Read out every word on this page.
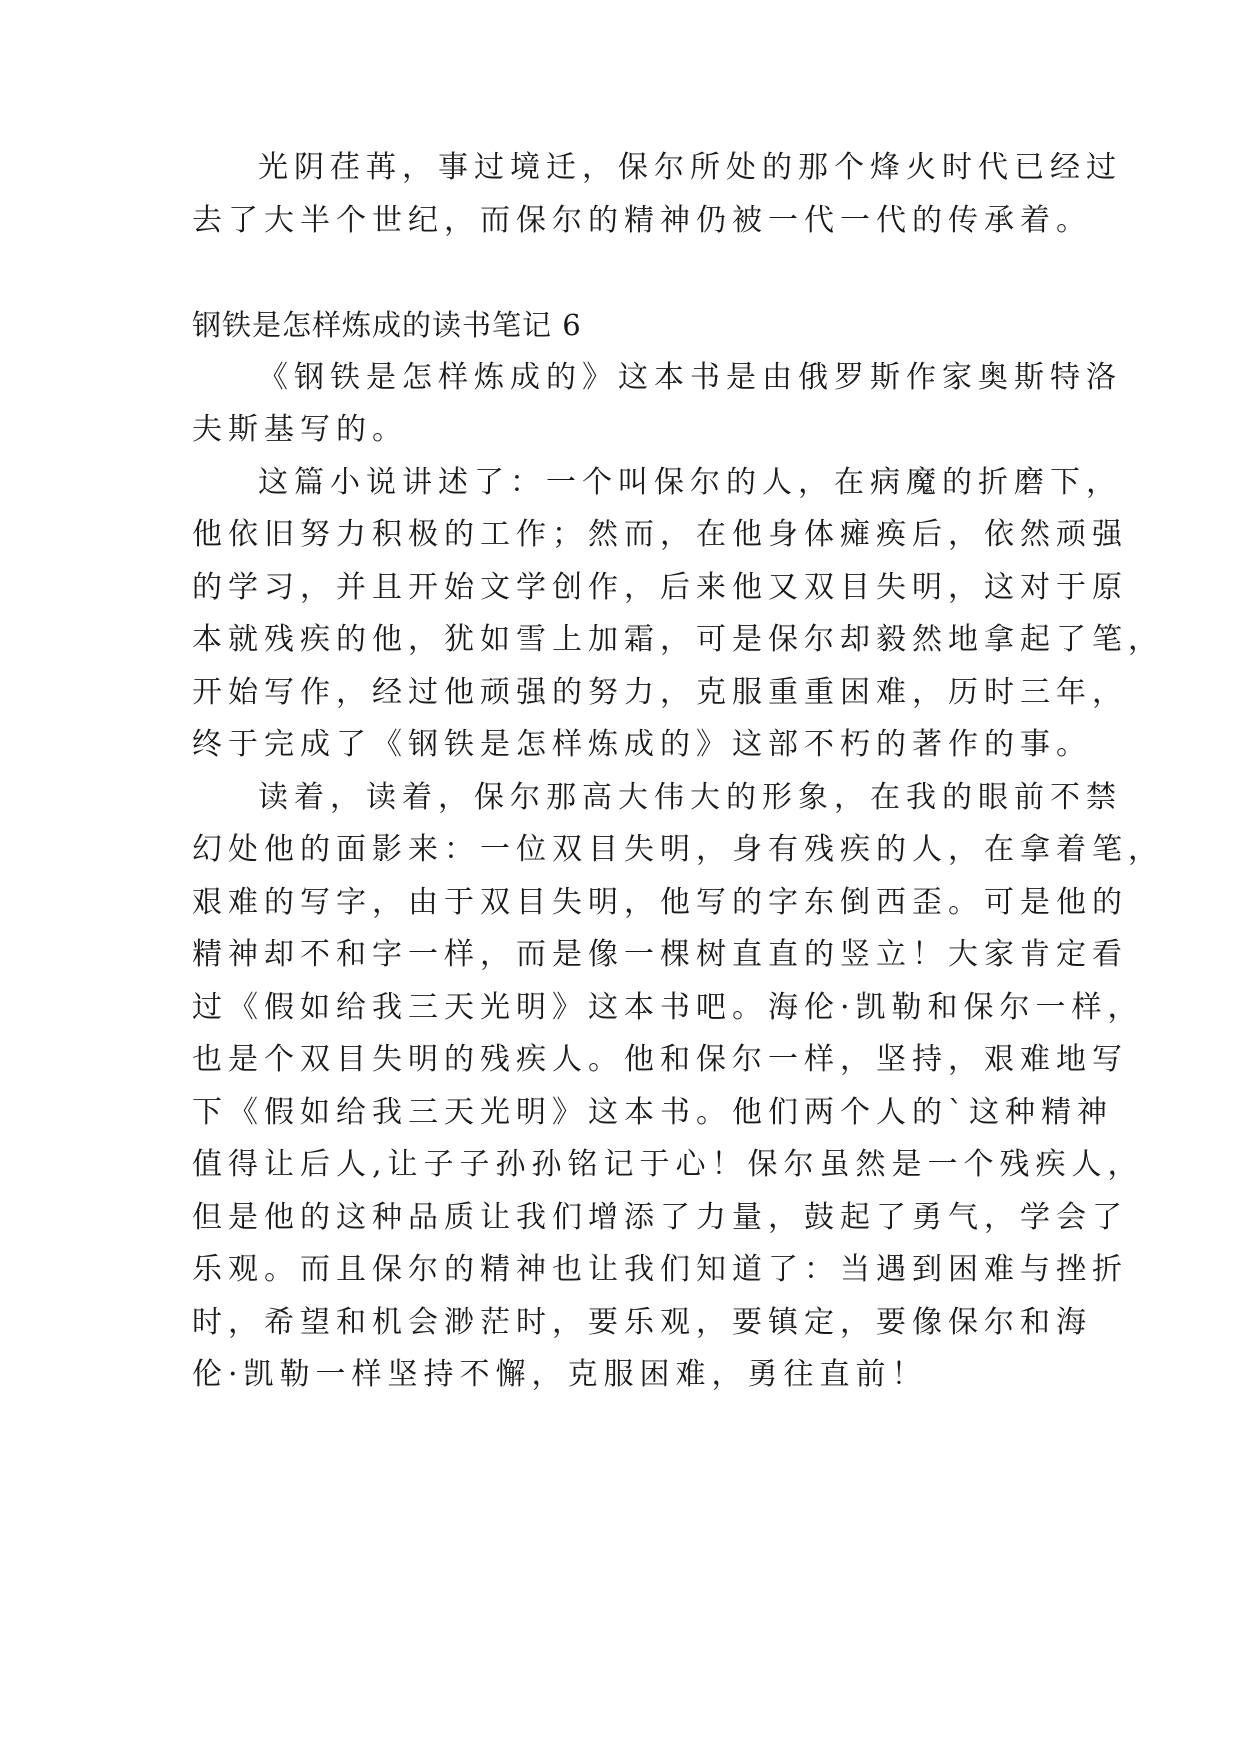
光阴荏苒，事过境迁，保尔所处的那个烽火时代已经过
去了大半个世纪，而保尔的精神仍被一代一代的传承着。
钢铁是怎样炼成的读书笔记 6
《钢铁是怎样炼成的》这本书是由俄罗斯作家奥斯特洛
夫斯基写的。
这篇小说讲述了：一个叫保尔的人，在病魔的折磨下，
他依旧努力积极的工作；然而，在他身体瘫痪后，依然顽强
的学习，并且开始文学创作，后来他又双目失明，这对于原
本就残疾的他，犹如雪上加霜，可是保尔却毅然地拿起了笔，
开始写作，经过他顽强的努力，克服重重困难，历时三年，
终于完成了《钢铁是怎样炼成的》这部不朽的著作的事。
读着，读着，保尔那高大伟大的形象，在我的眼前不禁
幻处他的面影来：一位双目失明，身有残疾的人，在拿着笔，
艰难的写字，由于双目失明，他写的字东倒西歪。可是他的
精神却不和字一样，而是像一棵树直直的竖立！大家肯定看
过《假如给我三天光明》这本书吧。海伦·凯勒和保尔一样，
也是个双目失明的残疾人。他和保尔一样，坚持，艰难地写
下《假如给我三天光明》这本书。他们两个人的`这种精神
值得让后人,让子子孙孙铭记于心！保尔虽然是一个残疾人，
但是他的这种品质让我们增添了力量，鼓起了勇气，学会了
乐观。而且保尔的精神也让我们知道了：当遇到困难与挫折
时，希望和机会渺茫时，要乐观，要镇定，要像保尔和海
伦·凯勒一样坚持不懈，克服困难，勇往直前！
